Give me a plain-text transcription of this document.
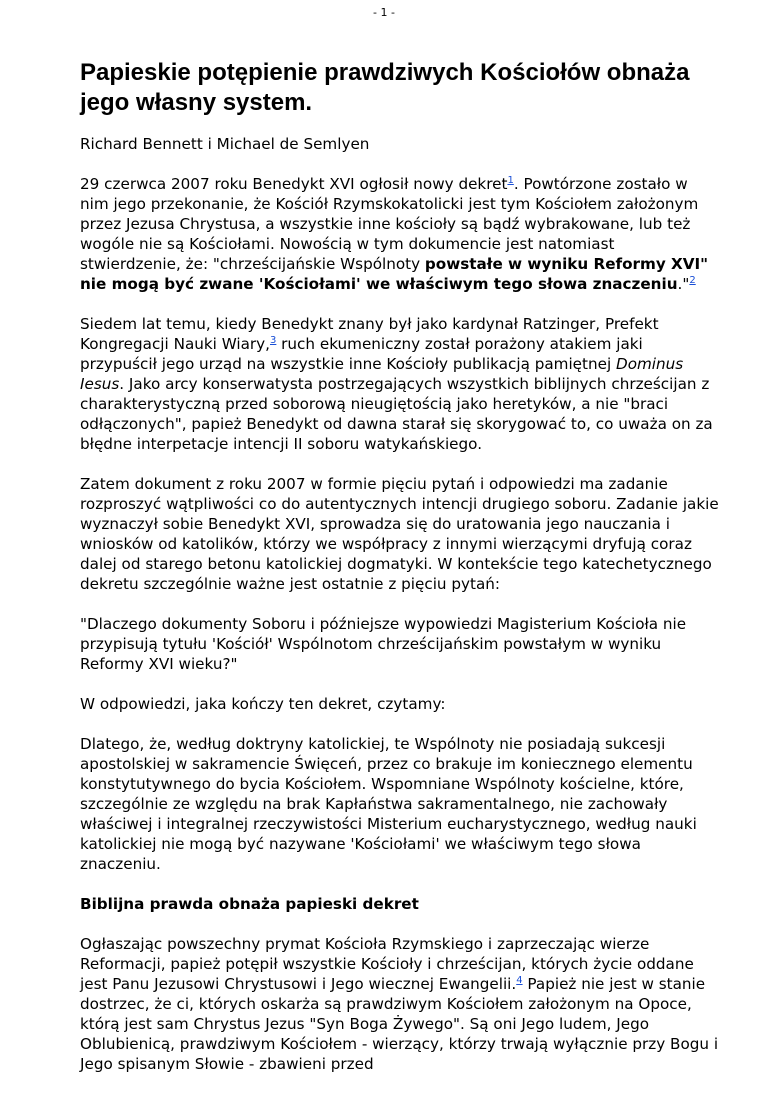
- 1 -
Papieskie potępienie prawdziwych Kościołów obnaża jego własny system.

Richard Bennett i Michael de Semlyen

29 czerwca 2007 roku Benedykt XVI ogłosił nowy dekret$^1$. Powtórzone zostało w nim jego przekonanie, że Kościół Rzymskokatolicki jest tym Kościołem założonym przez Jezusa Chrystusa, a wszystkie inne kościoły są bądź wybrakowane, lub też wogóle nie są Kościołami. Nowością w tym dokumencie jest natomiast stwierdzenie, że: "chrześcijańskie Wspólnoty powstałe w wyniku Reformy XVI" nie mogą być zwane 'Kościołami' we właściwym tego słowa znaczeniu."$^2$

Siedem lat temu, kiedy Benedykt znany był jako kardynał Ratzinger, Prefekt Kongregacji Nauki Wiary,$^3$ ruch ekumeniczny został porażony atakiem jaki przypuścił jego urząd na wszystkie inne Kościoły publikacją pamiętnej Dominus Iesus. Jako arcy konserwatysta postrzegających wszystkich biblijnych chrześcijan z charakterystyczną przed soborową nieugiętością jako heretyków, a nie "braci odłączonych", papież Benedykt od dawna starał się skorygować to, co uważa on za błędne interpetacje intencji II soboru watykańskiego.

Zatem dokument z roku 2007 w formie pięciu pytań i odpowiedzi ma zadanie rozproszyć wątpliwości co do autentycznych intencji drugiego soboru. Zadanie jakie wyznaczył sobie Benedykt XVI, sprowadza się do uratowania jego nauczania i wniosków od katolików, którzy we współpracy z innymi wierzącymi dryfują coraz dalej od starego betonu katolickiej dogmatyki. W kontekście tego katechetycznego dekretu szczególnie ważne jest ostatnie z pięciu pytań:

"Dlaczego dokumenty Soboru i późniejsze wypowiedzi Magisterium Kościoła nie przypisują tytułu 'Kościół' Wspólnotom chrześcijańskim powstałym w wyniku Reformy XVI wieku?"

W odpowiedzi, jaka kończy ten dekret, czytamy:

Dlatego, że, według doktryny katolickiej, te Wspólnoty nie posiadają sukcesji apostolskiej w sakramencie Święceń, przez co brakuje im koniecznego elementu konstytutywnego do bycia Kościołem. Wspomniane Wspólnoty kościelne, które, szczególnie ze względu na brak Kapłaństwa sakramentalnego, nie zachowały właściwej i integralnej rzeczywistości Misterium eucharystycznego, według nauki katolickiej nie mogą być nazywane 'Kościołami' we właściwym tego słowa znaczeniu.

Biblijna prawda obnaża papieski dekret

Ogłaszając powszechny prymat Kościoła Rzymskiego i zaprzeczając wierze Reformacji, papież potępił wszystkie Kościoły i chrześcijan, których życie oddane jest Panu Jezusowi Chrystusowi i Jego wiecznej Ewangelii.$^4$ Papież nie jest w stanie dostrzec, że ci, których oskarża są prawdziwym Kościołem założonym na Opoce, którą jest sam Chrystus Jezus "Syn Boga Żywego". Są oni Jego ludem, Jego Oblubienicą, prawdziwym Kościołem - wierzący, którzy trwają wyłącznie przy Bogu i Jego spisanym Słowie - zbawieni przed
